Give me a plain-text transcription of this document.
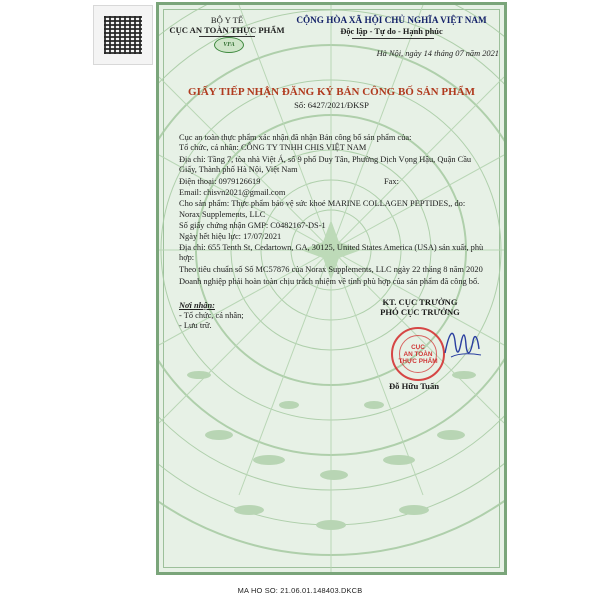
BỘ Y TẾ
CỤC AN TOÀN THỰC PHẨM
VFA
CỘNG HÒA XÃ HỘI CHỦ NGHĨA VIỆT NAM
Độc lập - Tự do - Hạnh phúc
Hà Nội, ngày 14 tháng 07 năm 2021
GIẤY TIẾP NHẬN ĐĂNG KÝ BẢN CÔNG BỐ SẢN PHẨM
Số: 6427/2021/ĐKSP
Cục an toàn thực phẩm xác nhận đã nhận Bản công bố sản phẩm của:
Tổ chức, cá nhân: CÔNG TY TNHH CHIS VIỆT NAM
Địa chỉ: Tầng 7, tòa nhà Việt Á, số 9 phố Duy Tân, Phường Dịch Vọng Hậu, Quận Cầu
Giấy, Thành phố Hà Nội, Việt Nam
Điện thoại: 0979126619	Fax:
Email: chisvn2021@gmail.com
Cho sản phẩm: Thực phẩm bảo vệ sức khoẻ MARINE COLLAGEN PEPTIDES,, do:
Norax Supplements, LLC
Số giấy chứng nhận GMP: C0482167-DS-1
Ngày hết hiệu lực: 17/07/2021
Địa chỉ: 655 Tenth St, Cedartown, GA, 30125, United States America (USA) sản xuất, phù
hợp:
Theo tiêu chuẩn số Số MC57876 của Norax Supplements, LLC ngày 22 tháng 8 năm 2020
Doanh nghiệp phải hoàn toàn chịu trách nhiệm về tính phù hợp của sản phẩm đã công bố.
Nơi nhận:
- Tổ chức, cá nhân;
- Lưu trữ.
KT. CỤC TRƯỞNG
PHÓ CỤC TRƯỞNG
CỤC
AN TOÀN
THỰC PHẨM
Đỗ Hữu Tuấn
MA HO SO: 21.06.01.148403.DKCB
